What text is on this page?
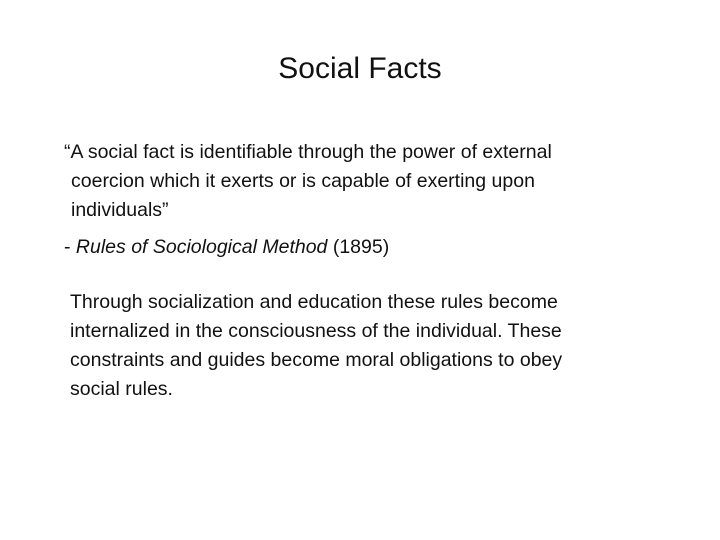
Social Facts
“A social fact is identifiable through the power of external
coercion which it exerts or is capable of exerting upon
individuals”
- Rules of Sociological Method (1895)
Through socialization and education these rules become
internalized in the consciousness of the individual. These
constraints and guides become moral obligations to obey
social rules.
